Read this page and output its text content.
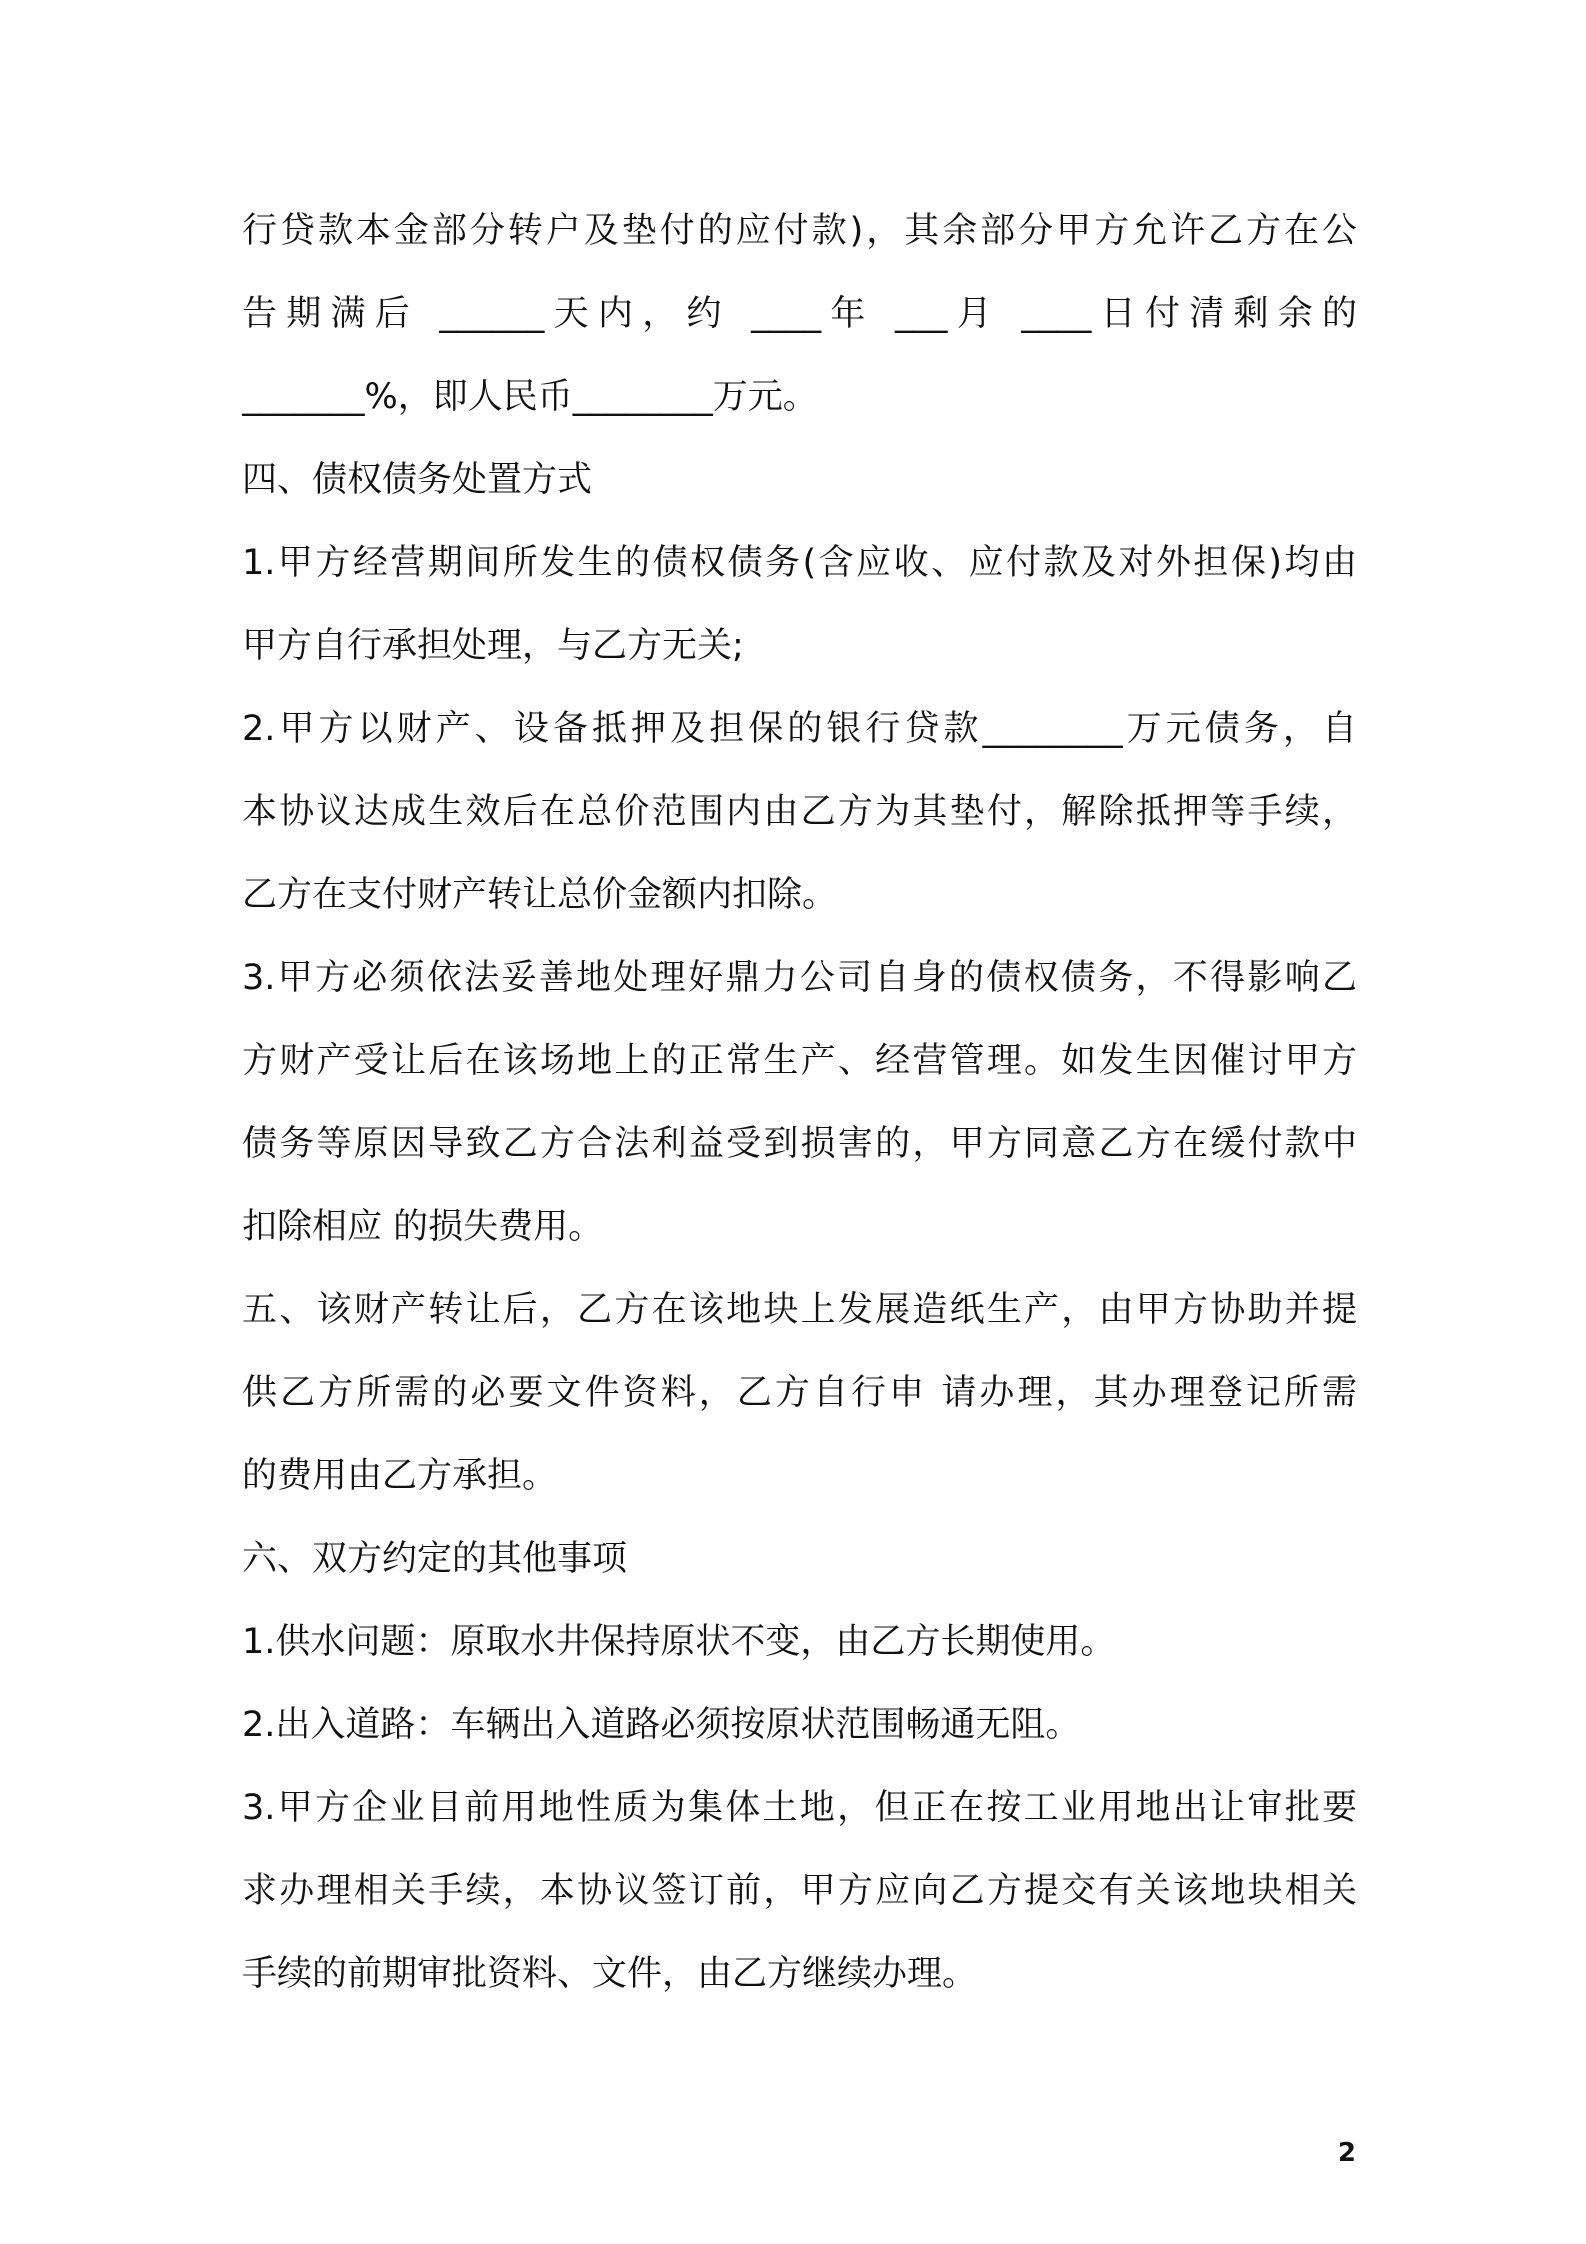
行贷款本金部分转户及垫付的应付款)，其余部分甲方允许乙方在公
告期满后 ______天内，约 ____年 ___月 ____日付清剩余的
_______%，即人民币________万元。
四、债权债务处置方式
1.甲方经营期间所发生的债权债务(含应收、应付款及对外担保)均由
甲方自行承担处理，与乙方无关;
2.甲方以财产、设备抵押及担保的银行贷款________万元债务，自
本协议达成生效后在总价范围内由乙方为其垫付，解除抵押等手续，
乙方在支付财产转让总价金额内扣除。
3.甲方必须依法妥善地处理好鼎力公司自身的债权债务，不得影响乙
方财产受让后在该场地上的正常生产、经营管理。如发生因催讨甲方
债务等原因导致乙方合法利益受到损害的，甲方同意乙方在缓付款中
扣除相应 的损失费用。
五、该财产转让后，乙方在该地块上发展造纸生产，由甲方协助并提
供乙方所需的必要文件资料，乙方自行申 请办理，其办理登记所需
的费用由乙方承担。
六、双方约定的其他事项
1.供水问题：原取水井保持原状不变，由乙方长期使用。
2.出入道路：车辆出入道路必须按原状范围畅通无阻。
3.甲方企业目前用地性质为集体土地，但正在按工业用地出让审批要
求办理相关手续，本协议签订前，甲方应向乙方提交有关该地块相关
手续的前期审批资料、文件，由乙方继续办理。
2
